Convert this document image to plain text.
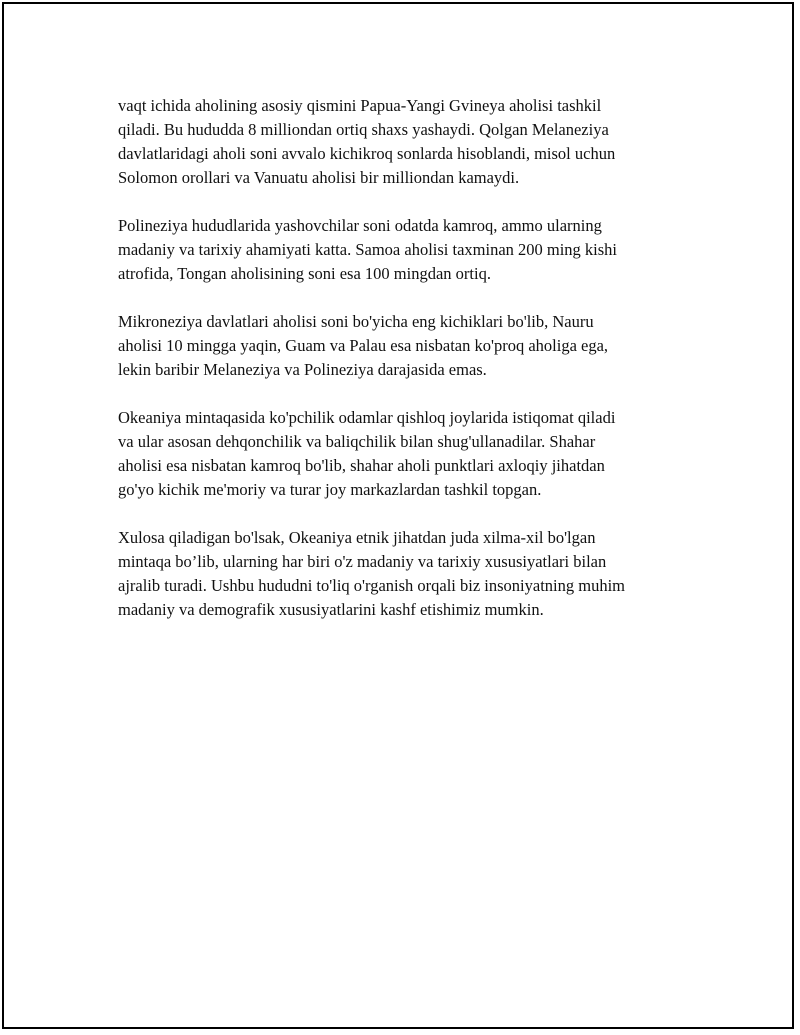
vaqt ichida aholining asosiy qismini Papua-Yangi Gvineya aholisi tashkil
qiladi. Bu hududda 8 milliondan ortiq shaxs yashaydi. Qolgan Melaneziya
davlatlaridagi aholi soni avvalo kichikroq sonlarda hisoblandi, misol uchun
Solomon orollari va Vanuatu aholisi bir milliondan kamaydi.

Polineziya hududlarida yashovchilar soni odatda kamroq, ammo ularning
madaniy va tarixiy ahamiyati katta. Samoa aholisi taxminan 200 ming kishi
atrofida, Tongan aholisining soni esa 100 mingdan ortiq.

Mikroneziya davlatlari aholisi soni bo'yicha eng kichiklari bo'lib, Nauru
aholisi 10 mingga yaqin, Guam va Palau esa nisbatan ko'proq aholiga ega,
lekin baribir Melaneziya va Polineziya darajasida emas.

Okeaniya mintaqasida ko'pchilik odamlar qishloq joylarida istiqomat qiladi
va ular asosan dehqonchilik va baliqchilik bilan shug'ullanadilar. Shahar
aholisi esa nisbatan kamroq bo'lib, shahar aholi punktlari axloqiy jihatdan
go'yo kichik me'moriy va turar joy markazlardan tashkil topgan.

Xulosa qiladigan bo'lsak, Okeaniya etnik jihatdan juda xilma-xil bo'lgan
mintaqa bo’lib, ularning har biri o'z madaniy va tarixiy xususiyatlari bilan
ajralib turadi. Ushbu hududni to'liq o'rganish orqali biz insoniyatning muhim
madaniy va demografik xususiyatlarini kashf etishimiz mumkin.
